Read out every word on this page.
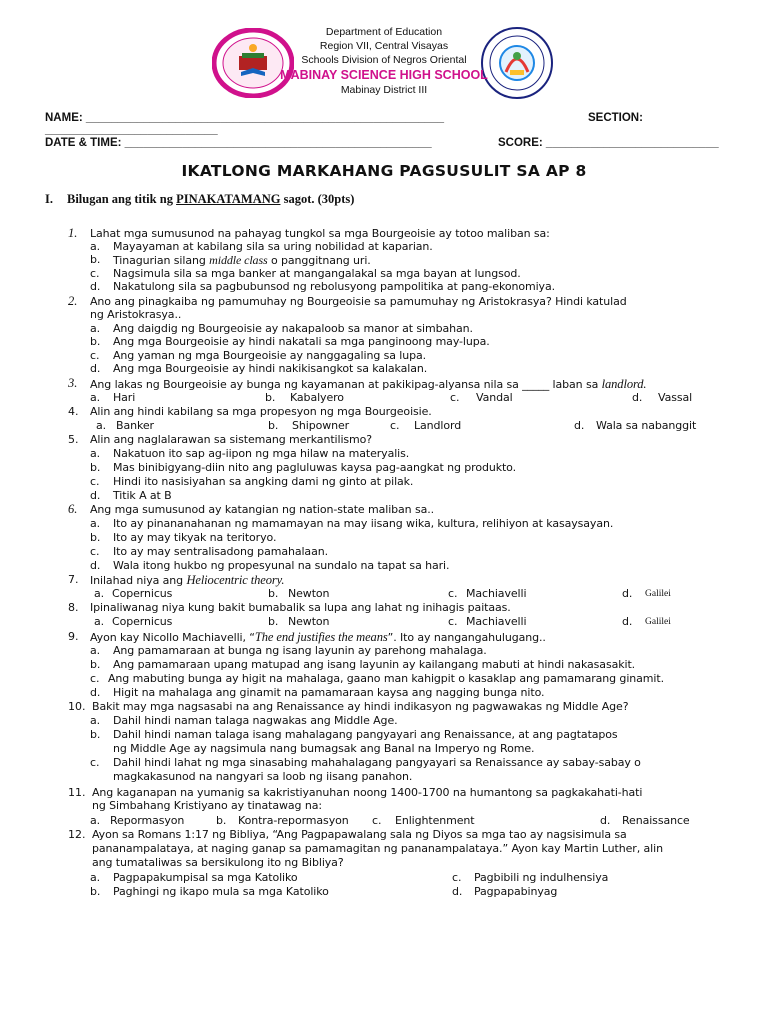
Department of Education
Region VII, Central Visayas
Schools Division of Negros Oriental
MABINAY SCIENCE HIGH SCHOOL
Mabinay District III
NAME: ________________________________________________________	SECTION:
___________________________
DATE & TIME: ________________________________________________	SCORE: ___________________________
IKATLONG MARKAHANG PAGSUSULIT SA AP 8
I. Bilugan ang titik ng PINAKATAMANG sagot. (30pts)
1. Lahat mga sumusunod na pahayag tungkol sa mga Bourgeoisie ay totoo maliban sa:
a. Mayayaman at kabilang sila sa uring nobilidad at kaparian.
b. Tinagurian silang middle class o panggitnang uri.
c. Nagsimula sila sa mga banker at mangangalakal sa mga bayan at lungsod.
d. Nakatulong sila sa pagbubunsod ng rebolusyong pampolitika at pang-ekonomiya.
2. Ano ang pinagkaiba ng pamumuhay ng Bourgeoisie sa pamumuhay ng Aristokrasya? Hindi katulad
ng Aristokrasya..
a. Ang daigdig ng Bourgeoisie ay nakapaloob sa manor at simbahan.
b. Ang mga Bourgeoisie ay hindi nakatali sa mga panginoong may-lupa.
c. Ang yaman ng mga Bourgeoisie ay nanggagaling sa lupa.
d. Ang mga Bourgeoisie ay hindi nakikisangkot sa kalakalan.
3. Ang lakas ng Bourgeoisie ay bunga ng kayamanan at pakikipag-alyansa nila sa _____ laban sa landlord.
a. Hari	b. Kabalyero	c. Vandal	d. Vassal
4. Alin ang hindi kabilang sa mga propesyon ng mga Bourgeoisie.
a. Banker	b. Shipowner	c. Landlord	d. Wala sa nabanggit
5. Alin ang naglalarawan sa sistemang merkantilismo?
a. Nakatuon ito sap ag-iipon ng mga hilaw na materyalis.
b. Mas binibigyang-diin nito ang pagluluwas kaysa pag-aangkat ng produkto.
c. Hindi ito nasisiyahan sa angking dami ng ginto at pilak.
d. Titik A at B
6. Ang mga sumusunod ay katangian ng nation-state maliban sa..
a. Ito ay pinananahanan ng mamamayan na may iisang wika, kultura, relihiyon at kasaysayan.
b. Ito ay may tikyak na teritoryo.
c. Ito ay may sentralisadong pamahalaan.
d. Wala itong hukbo ng propesyunal na sundalo na tapat sa hari.
7. Inilahad niya ang Heliocentric theory.
a. Copernicus	b. Newton	c. Machiavelli	d. Galilei
8. Ipinaliwanag niya kung bakit bumabalik sa lupa ang lahat ng inihagis paitaas.
a. Copernicus	b. Newton	c. Machiavelli	d. Galilei
9. Ayon kay Nicollo Machiavelli, “The end justifies the means”. Ito ay nangangahulugang..
a. Ang pamamaraan at bunga ng isang layunin ay parehong mahalaga.
b. Ang pamamaraan upang matupad ang isang layunin ay kailangang mabuti at hindi nakasasakit.
c. Ang mabuting bunga ay higit na mahalaga, gaano man kahigpit o kasaklap ang pamamarang ginamit.
d. Higit na mahalaga ang ginamit na pamamaraan kaysa ang nagging bunga nito.
10. Bakit may mga nagsasabi na ang Renaissance ay hindi indikasyon ng pagwawakas ng Middle Age?
a. Dahil hindi naman talaga nagwakas ang Middle Age.
b. Dahil hindi naman talaga isang mahalagang pangyayari ang Renaissance, at ang pagtatapos
ng Middle Age ay nagsimula nang bumagsak ang Banal na Imperyo ng Rome.
c. Dahil hindi lahat ng mga sinasabing mahahalagang pangyayari sa Renaissance ay sabay-sabay o
magkakasunod na nangyari sa loob ng iisang panahon.
11. Ang kaganapan na yumanig sa kakristiyanuhan noong 1400-1700 na humantong sa pagkakahati-hati
ng Simbahang Kristiyano ay tinatawag na:
a. Repormasyon	b. Kontra-repormasyon c. Enlightenment	d. Renaissance
12. Ayon sa Romans 1:17 ng Bibliya, “Ang Pagpapawalang sala ng Diyos sa mga tao ay nagsisimula sa
pananampalataya, at naging ganap sa pamamagitan ng pananampalataya.” Ayon kay Martin Luther, alin
ang tumataliwas sa bersikulong ito ng Bibliya?
a. Pagpapakumpisal sa mga Katoliko
b. Paghingi ng ikapo mula sa mga Katoliko
c. Pagbibili ng indulhensiya
d. Pagpapabinyag
